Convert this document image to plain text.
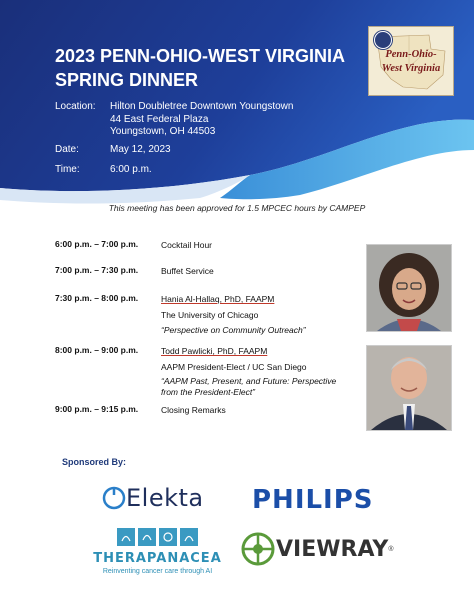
2023 PENN-OHIO-WEST VIRGINIA
SPRING DINNER
Penn-Ohio-
West Virginia
Location:	Hilton Doubletree Downtown Youngstown
44 East Federal Plaza
Youngstown, OH 44503
Date:	May 12, 2023
Time:	6:00 p.m.
This meeting has been approved for 1.5 MPCEC hours by CAMPEP
6:00 p.m. – 7:00 p.m.	Cocktail Hour
7:00 p.m. – 7:30 p.m.	Buffet Service
7:30 p.m. – 8:00 p.m.	Hania Al-Hallaq, PhD, FAAPM
The University of Chicago
“Perspective on Community Outreach”
8:00 p.m. – 9:00 p.m.	Todd Pawlicki, PhD, FAAPM
AAPM President-Elect / UC San Diego
“AAPM Past, Present, and Future: Perspective
from the President-Elect”
9:00 p.m. – 9:15 p.m.	Closing Remarks
Sponsored By:
Elekta PHILIPS
THERAPANACEA
Reinventing cancer care through AI
VIEWRAY ®
